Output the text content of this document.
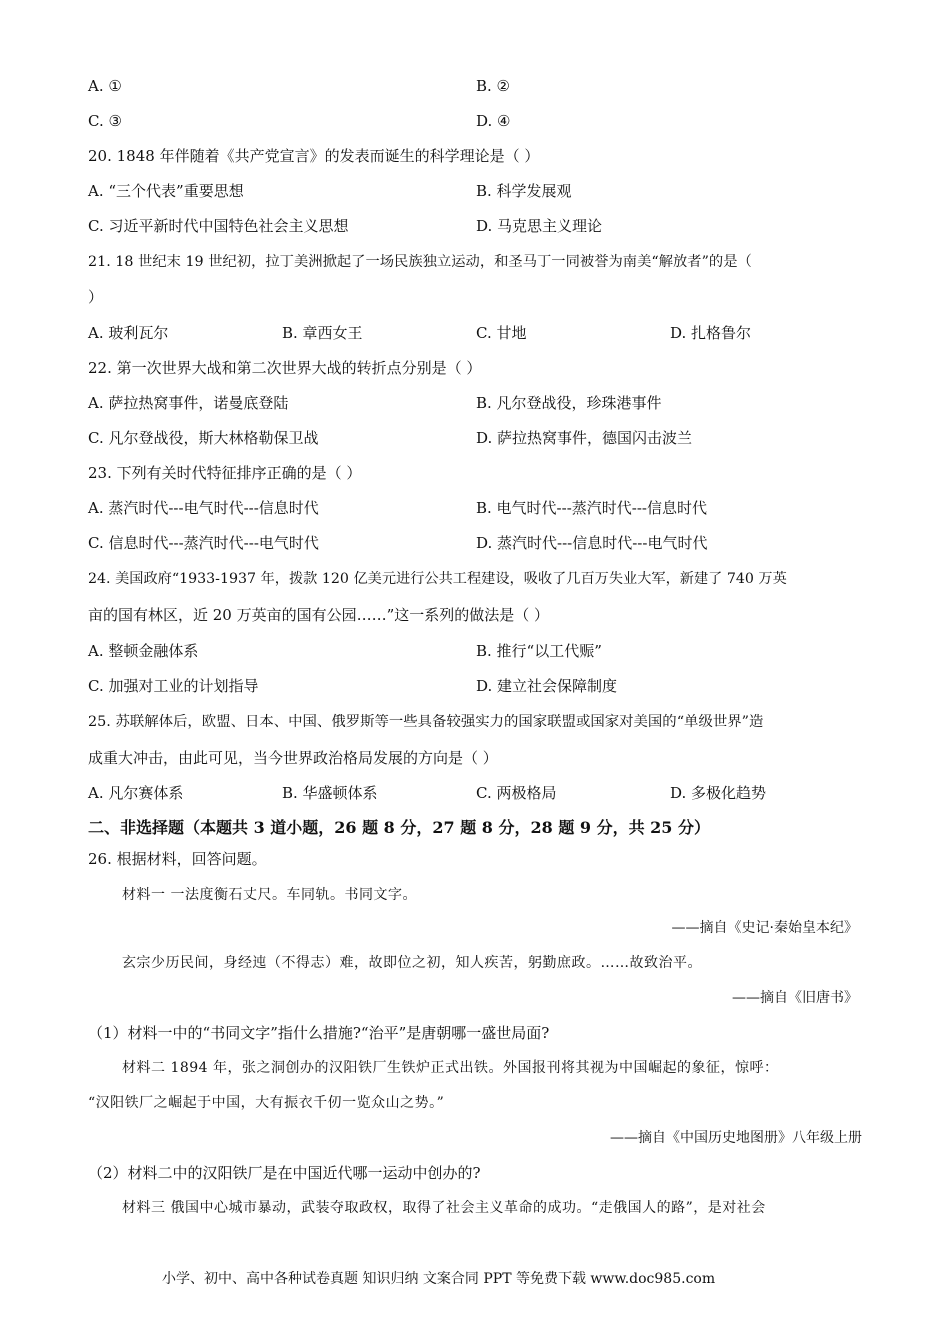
A. ①	B. ②
C. ③	D. ④
20. 1848 年伴随着《共产党宣言》的发表而诞生的科学理论是（ ）
A. “三个代表”重要思想	B. 科学发展观
C. 习近平新时代中国特色社会主义思想	D. 马克思主义理论
21. 18 世纪末 19 世纪初，拉丁美洲掀起了一场民族独立运动，和圣马丁一同被誉为南美“解放者”的是（
）
A. 玻利瓦尔	B. 章西女王	C. 甘地	D. 扎格鲁尔
22. 第一次世界大战和第二次世界大战的转折点分别是（ ）
A. 萨拉热窝事件，诺曼底登陆	B. 凡尔登战役，珍珠港事件
C. 凡尔登战役，斯大林格勒保卫战	D. 萨拉热窝事件，德国闪击波兰
23. 下列有关时代特征排序正确的是（ ）
A. 蒸汽时代---电气时代---信息时代	B. 电气时代---蒸汽时代---信息时代
C. 信息时代---蒸汽时代---电气时代	D. 蒸汽时代---信息时代---电气时代
24. 美国政府“1933-1937 年，拨款 120 亿美元进行公共工程建设，吸收了几百万失业大军，新建了 740 万英
亩的国有林区，近 20 万英亩的国有公园……”这一系列的做法是（ ）
A. 整顿金融体系	B. 推行“以工代赈”
C. 加强对工业的计划指导	D. 建立社会保障制度
25. 苏联解体后，欧盟、日本、中国、俄罗斯等一些具备较强实力的国家联盟或国家对美国的“单级世界”造
成重大冲击，由此可见，当今世界政治格局发展的方向是（ ）
A. 凡尔赛体系	B. 华盛顿体系	C. 两极格局	D. 多极化趋势
二、非选择题（本题共 3 道小题，26 题 8 分，27 题 8 分，28 题 9 分，共 25 分）
26. 根据材料，回答问题。
材料一 一法度衡石丈尺。车同轨。书同文字。
——摘自《史记·秦始皇本纪》
玄宗少历民间，身经迍（不得志）难，故即位之初，知人疾苦，躬勤庶政。……故致治平。
——摘自《旧唐书》
（1）材料一中的“书同文字”指什么措施?“治平”是唐朝哪一盛世局面?
材料二 1894 年，张之洞创办的汉阳铁厂生铁炉正式出铁。外国报刊将其视为中国崛起的象征，惊呼：
“汉阳铁厂之崛起于中国，大有振衣千仞一览众山之势。”
——摘自《中国历史地图册》八年级上册
（2）材料二中的汉阳铁厂是在中国近代哪一运动中创办的?
材料三 俄国中心城市暴动，武装夺取政权，取得了社会主义革命的成功。“走俄国人的路”，是对社会
小学、初中、高中各种试卷真题 知识归纳 文案合同 PPT 等免费下载 www.doc985.com
